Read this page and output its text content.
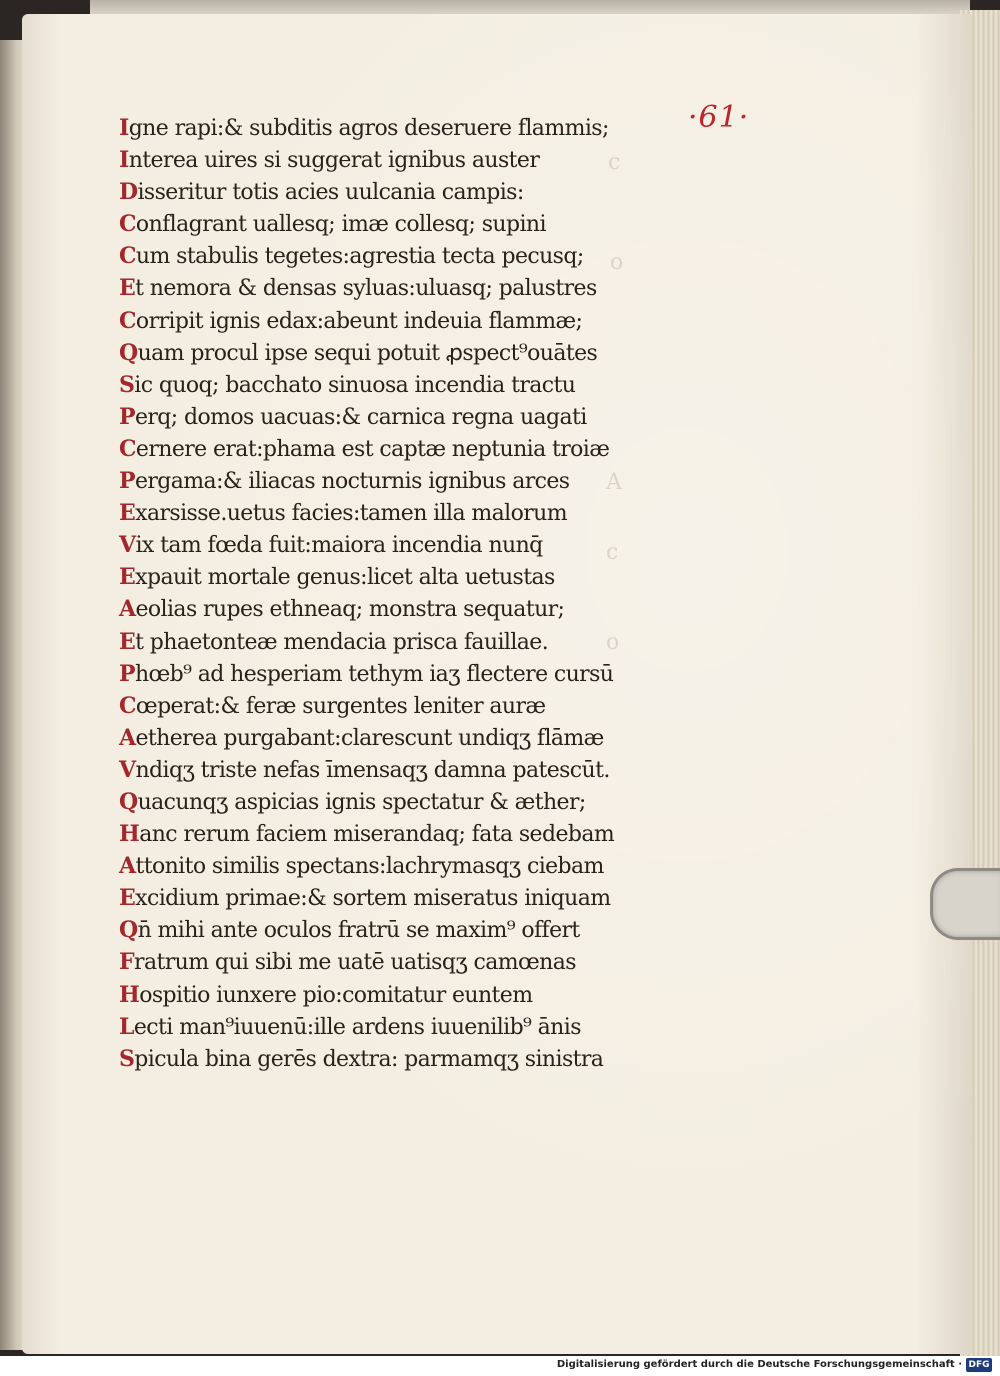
c
o
A
c
o
·61·
Igne rapi:& subditis agros deseruere flammis;
Interea uires si suggerat ignibus auster
Disseritur totis acies uulcania campis:
Conflagrant uallesq; imæ collesq; supini
Cum stabulis tegetes:agrestia tecta pecusq;
Et nemora & densas syluas:uluasq; palustres
Corripit ignis edax:abeunt indeuia flammæ;
Quam procul ipse sequi potuit ꝓspect⁹ouātes
Sic quoq; bacchato sinuosa incendia tractu
Perq; domos uacuas:& carnica regna uagati
Cernere erat:phama est captæ neptunia troiæ
Pergama:& iliacas nocturnis ignibus arces
Exarsisse.uetus facies:tamen illa malorum
Vix tam fœda fuit:maiora incendia nunq̄
Expauit mortale genus:licet alta uetustas
Aeolias rupes ethneaq; monstra sequatur;
Et phaetonteæ mendacia prisca fauillae.
Phœb⁹ ad hesperiam tethym iaʒ flectere cursū
Cœperat:& feræ surgentes leniter auræ
Aetherea purgabant:clarescunt undiqʒ flāmæ
Vndiqʒ triste nefas īmensaqʒ damna patescūt.
Quacunqʒ aspicias ignis spectatur & æther;
Hanc rerum faciem miserandaq; fata sedebam
Attonito similis spectans:lachrymasqʒ ciebam
Excidium primae:& sortem miseratus iniquam
Qn̄ mihi ante oculos fratrū se maxim⁹ offert
Fratrum qui sibi me uatē uatisqʒ camœnas
Hospitio iunxere pio:comitatur euntem
Lecti man⁹iuuenū:ille ardens iuuenilib⁹ ānis
Spicula bina gerēs dextra: parmamqʒ sinistra
Digitalisierung gefördert durch die Deutsche Forschungsgemeinschaft · DFG
